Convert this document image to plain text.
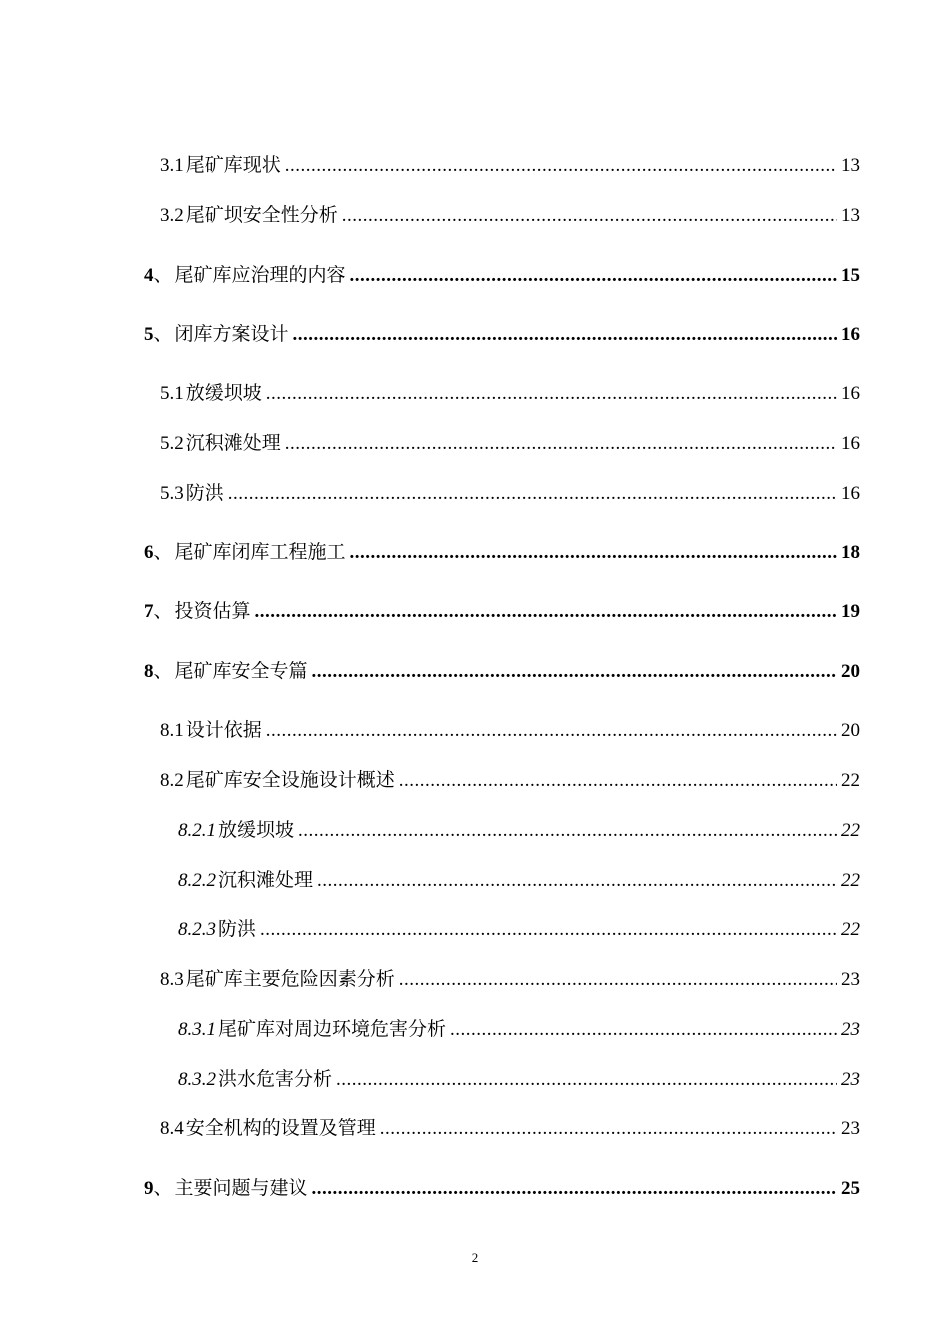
3.1 尾矿库现状 .....	13
3.2 尾矿坝安全性分析 .....	13
4 、 尾矿库应治理的内容 .....	15
5 、 闭库方案设计 .....	16
5.1 放缓坝坡 .....	16
5.2 沉积滩处理 .....	16
5.3 防洪 .....	16
6 、 尾矿库闭库工程施工 .....	18
7 、 投资估算 .....	19
8 、 尾矿库安全专篇 .....	20
8.1 设计依据 .....	20
8.2 尾矿库安全设施设计概述 .....	22
8.2.1 放缓坝坡 .....	22
8.2.2 沉积滩处理 .....	22
8.2.3 防洪 .....	22
8.3 尾矿库主要危险因素分析 .....	23
8.3.1 尾矿库对周边环境危害分析 .....	23
8.3.2 洪水危害分析 .....	23
8.4 安全机构的设置及管理 .....	23
9 、 主要问题与建议 .....	25
2
